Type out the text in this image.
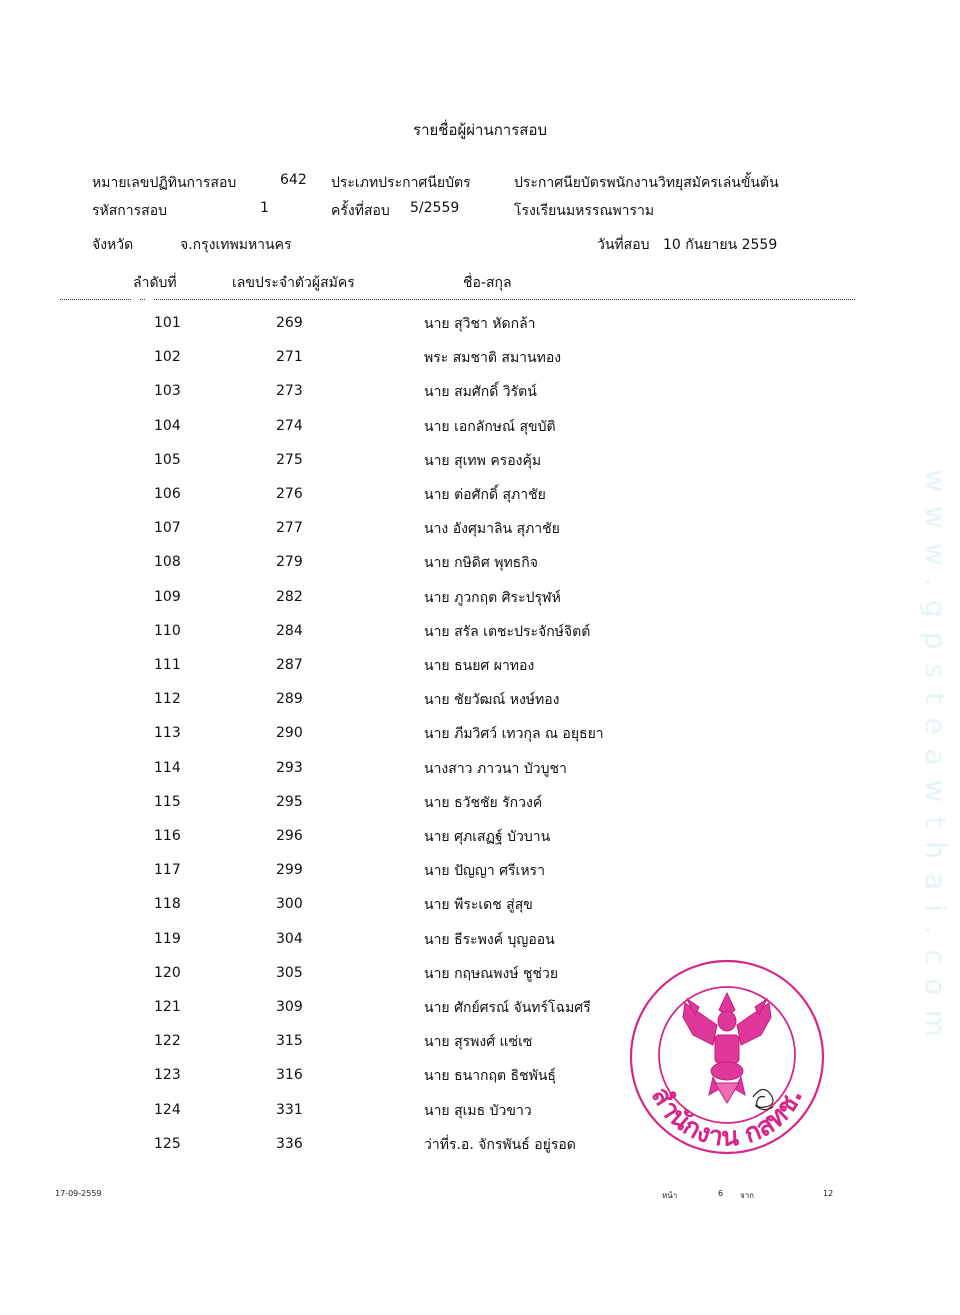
รายชื่อผู้ผ่านการสอบ
หมายเลขปฏิทินการสอบ	642 ประเภทประกาศนียบัตร	ประกาศนียบัตรพนักงานวิทยุสมัครเล่นขั้นต้น
รหัสการสอบ	1	ครั้งที่สอบ 5/2559	โรงเรียนมหรรณพาราม
จังหวัด	จ.กรุงเทพมหานคร	วันที่สอบ 10 กันยายน 2559
ลำดับที่	เลขประจำตัวผู้สมัคร	ชื่อ-สกุล
101	269	นาย สุวิชา หัดกล้า
102	271	พระ สมชาติ สมานทอง
103	273	นาย สมศักดิ์ วิรัตน์
104	274	นาย เอกลักษณ์ สุขบัติ
105	275	นาย สุเทพ ครองคุ้ม
106	276	นาย ต่อศักดิ์ สุภาชัย
107	277	นาง อังศุมาลิน สุภาชัย
108	279	นาย กษิดิศ พุทธกิจ
109	282	นาย ภูวกฤต ศิระปรุฬห์
110	284	นาย สรัล เตชะประจักษ์จิตต์
111	287	นาย ธนยศ ผาทอง
112	289	นาย ชัยวัฒณ์ หงษ์ทอง
113	290	นาย ภีมวิศว์ เทวกุล ณ อยุธยา
114	293	นางสาว ภาวนา บัวบูชา
115	295	นาย ธวัชชัย รักวงค์
116	296	นาย ศุภเสฏฐ์ บัวบาน
117	299	นาย ปัญญา ศรีเหรา
118	300	นาย พีระเดช สู่สุข
119	304	นาย ธีระพงค์ บุญออน
120	305	นาย กฤษณพงษ์ ชูช่วย
121	309	นาย ศักย์ศรณ์ จันทร์โฉมศรี
122	315	นาย สุรพงศ์ แซ่เซ
123	316	นาย ธนากฤต ธิชพันธุ์
124	331	นาย สุเมธ บัวขาว
125	336	ว่าที่ร.อ. จักรพันธ์ อยู่รอด
17-09-2559	หน้า	6 จาก	12
www.gpsteawthai.com
สำนักงาน กสทช.
